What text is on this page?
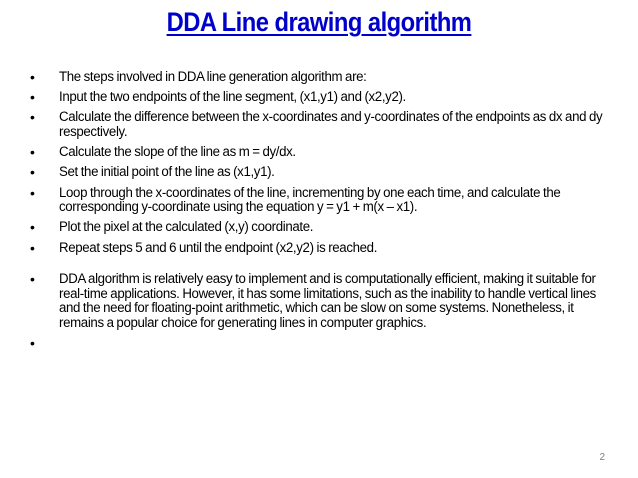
DDA Line drawing algorithm
• The steps involved in DDA line generation algorithm are:
• Input the two endpoints of the line segment, (x1,y1) and (x2,y2).
• Calculate the difference between the x-coordinates and y-coordinates of the endpoints as dx and dy respectively.
• Calculate the slope of the line as m = dy/dx.
• Set the initial point of the line as (x1,y1).
• Loop through the x-coordinates of the line, incrementing by one each time, and calculate the corresponding y-coordinate using the equation y = y1 + m(x – x1).
• Plot the pixel at the calculated (x,y) coordinate.
• Repeat steps 5 and 6 until the endpoint (x2,y2) is reached.
• DDA algorithm is relatively easy to implement and is computationally efficient, making it suitable for real-time applications. However, it has some limitations, such as the inability to handle vertical lines and the need for floating-point arithmetic, which can be slow on some systems. Nonetheless, it remains a popular choice for generating lines in computer graphics.
•
2
